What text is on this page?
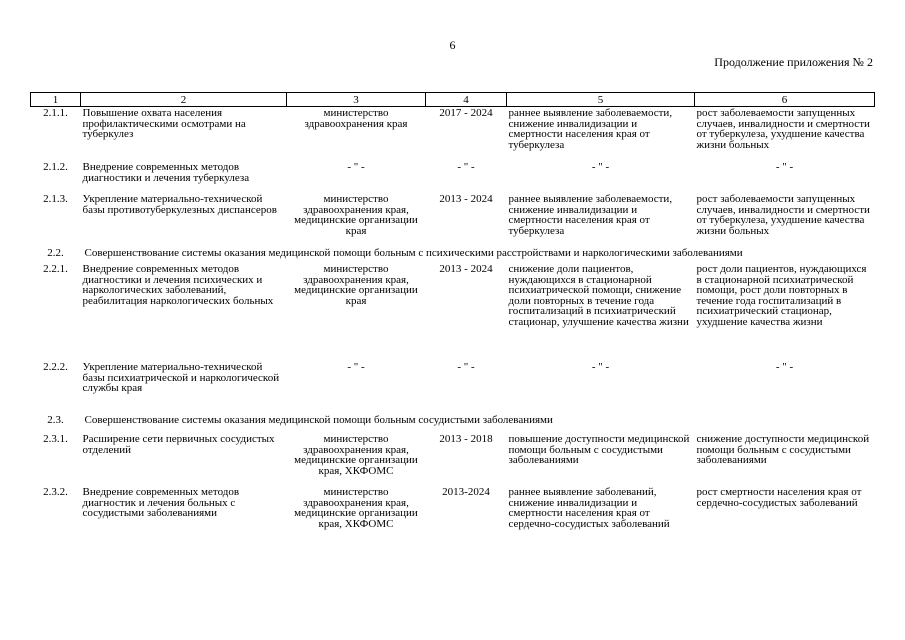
6
Продолжение приложения № 2
1	2	3	4	5	6
2.1.1.	Повышение охвата населения профилактическими осмотрами на туберкулез	министерство здравоохранения края	2017 - 2024	раннее выявление заболеваемости, снижение инвалидизации и смертности населения края от туберкулеза	рост заболеваемости запущенных случаев, инвалидности и смертности от туберкулеза, ухудшение качества жизни больных
2.1.2.	Внедрение современных методов диагностики и лечения туберкулеза	- " -	- " -	- " -	- " -
2.1.3.	Укрепление материально-технической базы противотуберкулезных диспансеров	министерство здравоохранения края, медицинские организации края	2013 - 2024	раннее выявление заболеваемости, снижение инвалидизации и смертности населения края от туберкулеза	рост заболеваемости запущенных случаев, инвалидности и смертности от туберкулеза, ухудшение качества жизни больных
2.2.	Совершенствование системы оказания медицинской помощи больным с психическими расстройствами и наркологическими заболеваниями				
2.2.1.	Внедрение современных методов диагностики и лечения психических и наркологических заболеваний, реабилитация наркологических больных	министерство здравоохранения края, медицинские организации края	2013 - 2024	снижение доли пациентов, нуждающихся в стационарной психиатрической помощи, снижение доли повторных в течение года госпитализаций в психиатрический стационар, улучшение качества жизни	рост доли пациентов, нуждающихся в стационарной психиатрической помощи, рост доли повторных в течение года госпитализаций в психиатрический стационар, ухудшение качества жизни
2.2.2.	Укрепление материально-технической базы психиатрической и наркологической службы края	- " -	- " -	- " -	- " -
2.3.	Совершенствование системы оказания медицинской помощи больным сосудистыми заболеваниями				
2.3.1.	Расширение сети первичных сосудистых отделений	министерство здравоохранения края, медицинские организации края, ХКФОМС	2013 - 2018	повышение доступности медицинской помощи больным с сосудистыми заболеваниями	снижение доступности медицинской помощи больным с сосудистыми заболеваниями
2.3.2.	Внедрение современных методов диагностик и лечения больных с сосудистыми заболеваниями	министерство здравоохранения края, медицинские организации края, ХКФОМС	2013-2024	раннее выявление заболеваний, снижение инвалидизации и смертности населения края от сердечно-сосудистых заболеваний	рост смертности населения края от сердечно-сосудистых заболеваний
